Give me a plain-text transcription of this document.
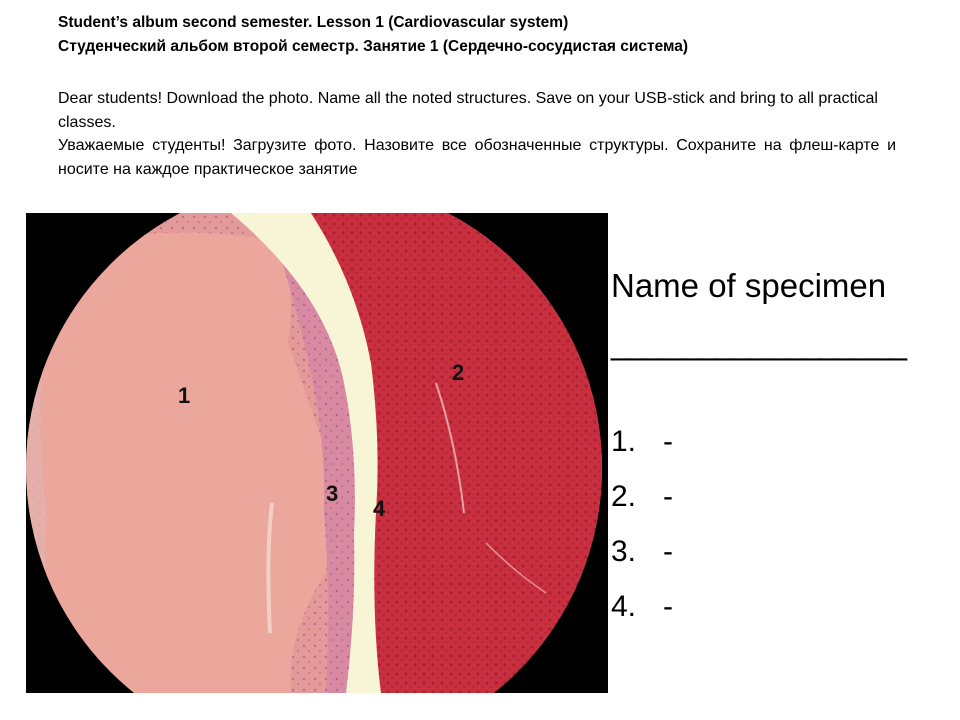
Student’s album second semester. Lesson 1 (Cardiovascular system)
Студенческий альбом второй семестр. Занятие 1 (Сердечно-сосудистая система)

Dear students! Download the photo. Name all the noted structures. Save on your USB-stick and bring to all practical classes.

Уважаемые студенты! Загрузите фото. Назовите все обозначенные структуры. Сохраните на флеш-карте и носите на каждое практическое занятие

1
2
3
4
Name of specimen
_________________
1. -
2. -
3. -
4. -
